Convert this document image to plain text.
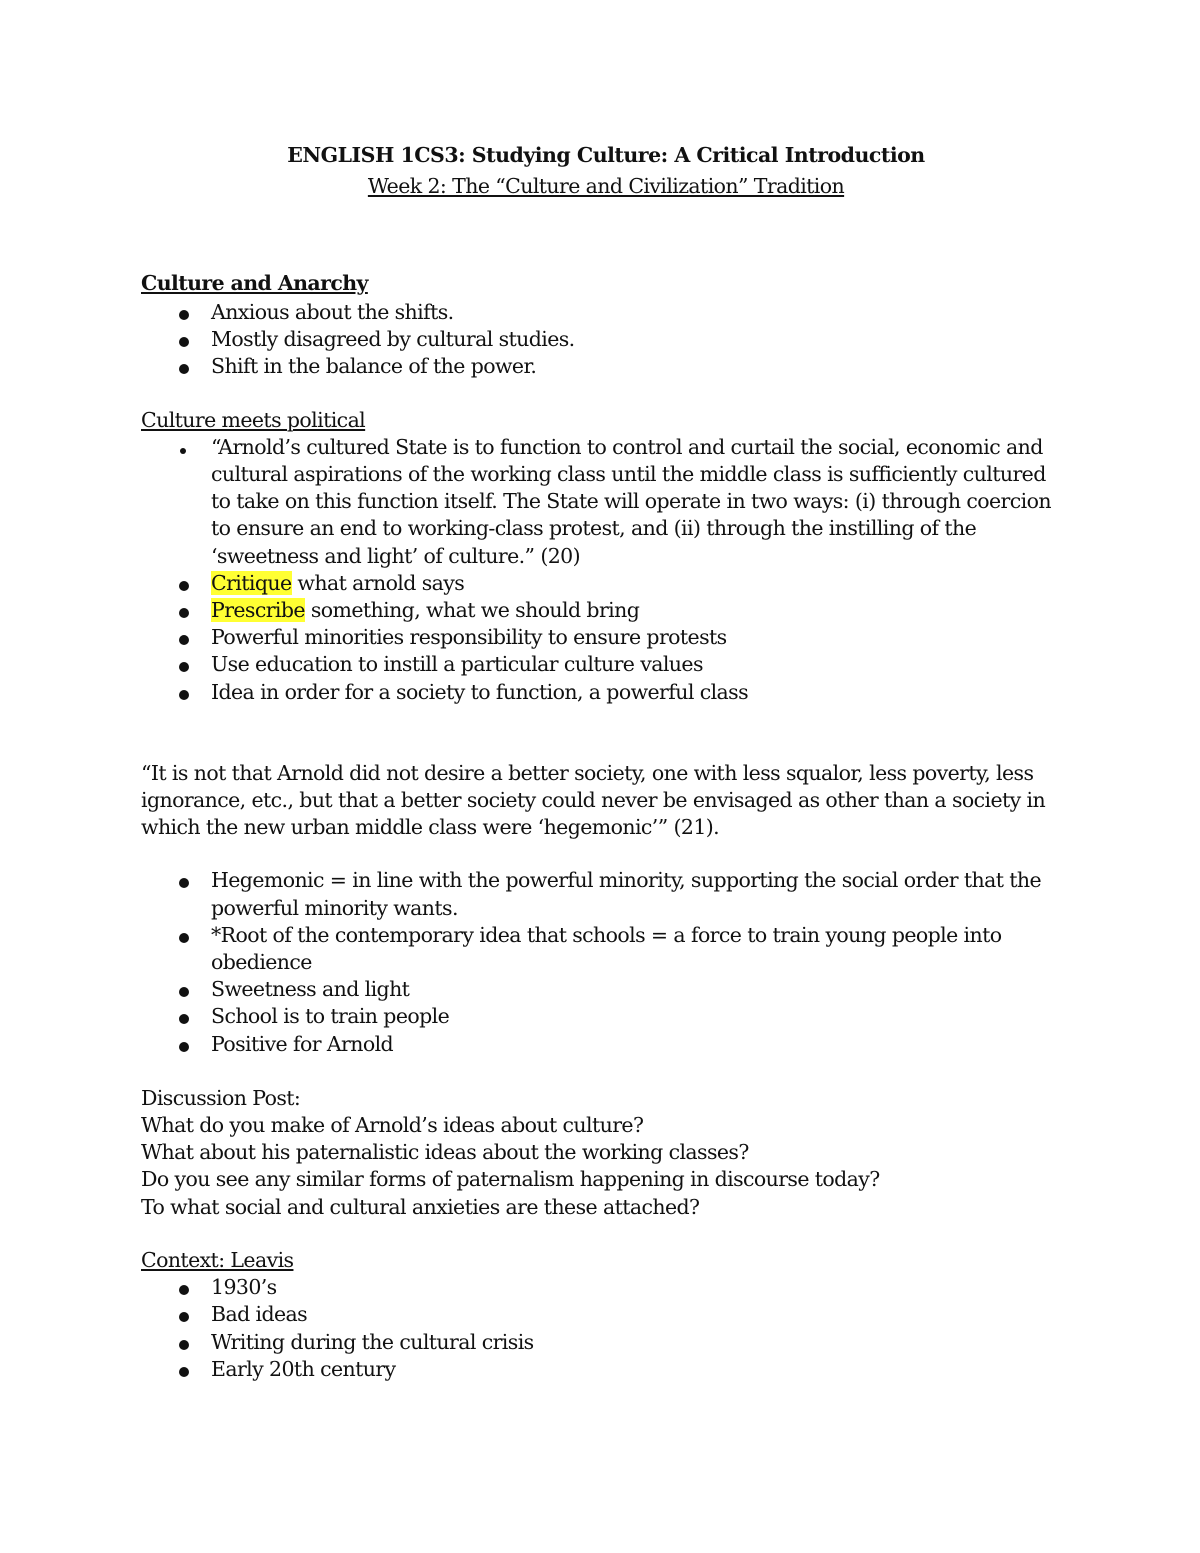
ENGLISH 1CS3: Studying Culture: A Critical Introduction
Week 2: The “Culture and Civilization” Tradition
Culture and Anarchy
Anxious about the shifts.
Mostly disagreed by cultural studies.
Shift in the balance of the power.
Culture meets political
“Arnold’s cultured State is to function to control and curtail the social, economic and cultural aspirations of the working class until the middle class is sufficiently cultured to take on this function itself. The State will operate in two ways: (i) through coercion to ensure an end to working-class protest, and (ii) through the instilling of the ‘sweetness and light’ of culture.” (20)
Critique what arnold says
Prescribe something, what we should bring
Powerful minorities responsibility to ensure protests
Use education to instill a particular culture values
Idea in order for a society to function, a powerful class

“It is not that Arnold did not desire a better society, one with less squalor, less poverty, less ignorance, etc., but that a better society could never be envisaged as other than a society in which the new urban middle class were ‘hegemonic’” (21).

Hegemonic = in line with the powerful minority, supporting the social order that the powerful minority wants.
*Root of the contemporary idea that schools = a force to train young people into obedience
Sweetness and light
School is to train people
Positive for Arnold
Discussion Post:
What do you make of Arnold’s ideas about culture?
What about his paternalistic ideas about the working classes?
Do you see any similar forms of paternalism happening in discourse today?
To what social and cultural anxieties are these attached?
Context: Leavis
1930’s
Bad ideas
Writing during the cultural crisis
Early 20th century
